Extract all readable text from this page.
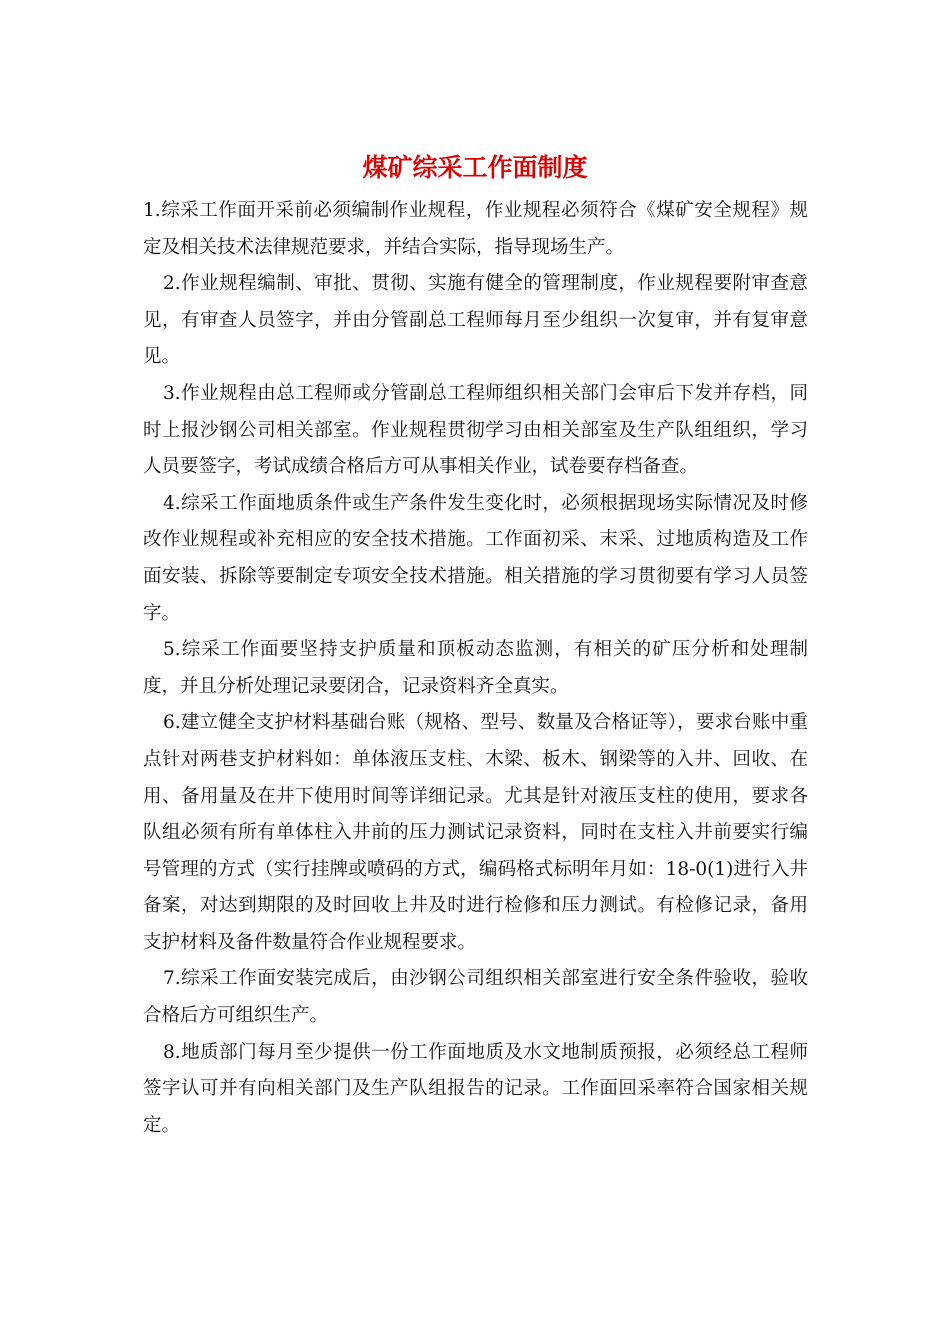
煤矿综采工作面制度

1.综采工作面开采前必须编制作业规程，作业规程必须符合《煤矿安全规程》规定及相关技术法律规范要求，并结合实际，指导现场生产。

2.作业规程编制、审批、贯彻、实施有健全的管理制度，作业规程要附审查意见，有审查人员签字，并由分管副总工程师每月至少组织一次复审，并有复审意见。

3.作业规程由总工程师或分管副总工程师组织相关部门会审后下发并存档，同时上报沙钢公司相关部室。作业规程贯彻学习由相关部室及生产队组组织，学习人员要签字，考试成绩合格后方可从事相关作业，试卷要存档备查。

4.综采工作面地质条件或生产条件发生变化时，必须根据现场实际情况及时修改作业规程或补充相应的安全技术措施。工作面初采、末采、过地质构造及工作面安装、拆除等要制定专项安全技术措施。相关措施的学习贯彻要有学习人员签字。

5.综采工作面要坚持支护质量和顶板动态监测，有相关的矿压分析和处理制度，并且分析处理记录要闭合，记录资料齐全真实。

6.建立健全支护材料基础台账（规格、型号、数量及合格证等），要求台账中重点针对两巷支护材料如：单体液压支柱、木梁、板木、钢梁等的入井、回收、在用、备用量及在井下使用时间等详细记录。尤其是针对液压支柱的使用，要求各队组必须有所有单体柱入井前的压力测试记录资料，同时在支柱入井前要实行编号管理的方式（实行挂牌或喷码的方式，编码格式标明年月如：18-0(1)进行入井备案，对达到期限的及时回收上井及时进行检修和压力测试。有检修记录，备用支护材料及备件数量符合作业规程要求。

7.综采工作面安装完成后，由沙钢公司组织相关部室进行安全条件验收，验收合格后方可组织生产。

8.地质部门每月至少提供一份工作面地质及水文地制质预报，必须经总工程师签字认可并有向相关部门及生产队组报告的记录。工作面回采率符合国家相关规定。
